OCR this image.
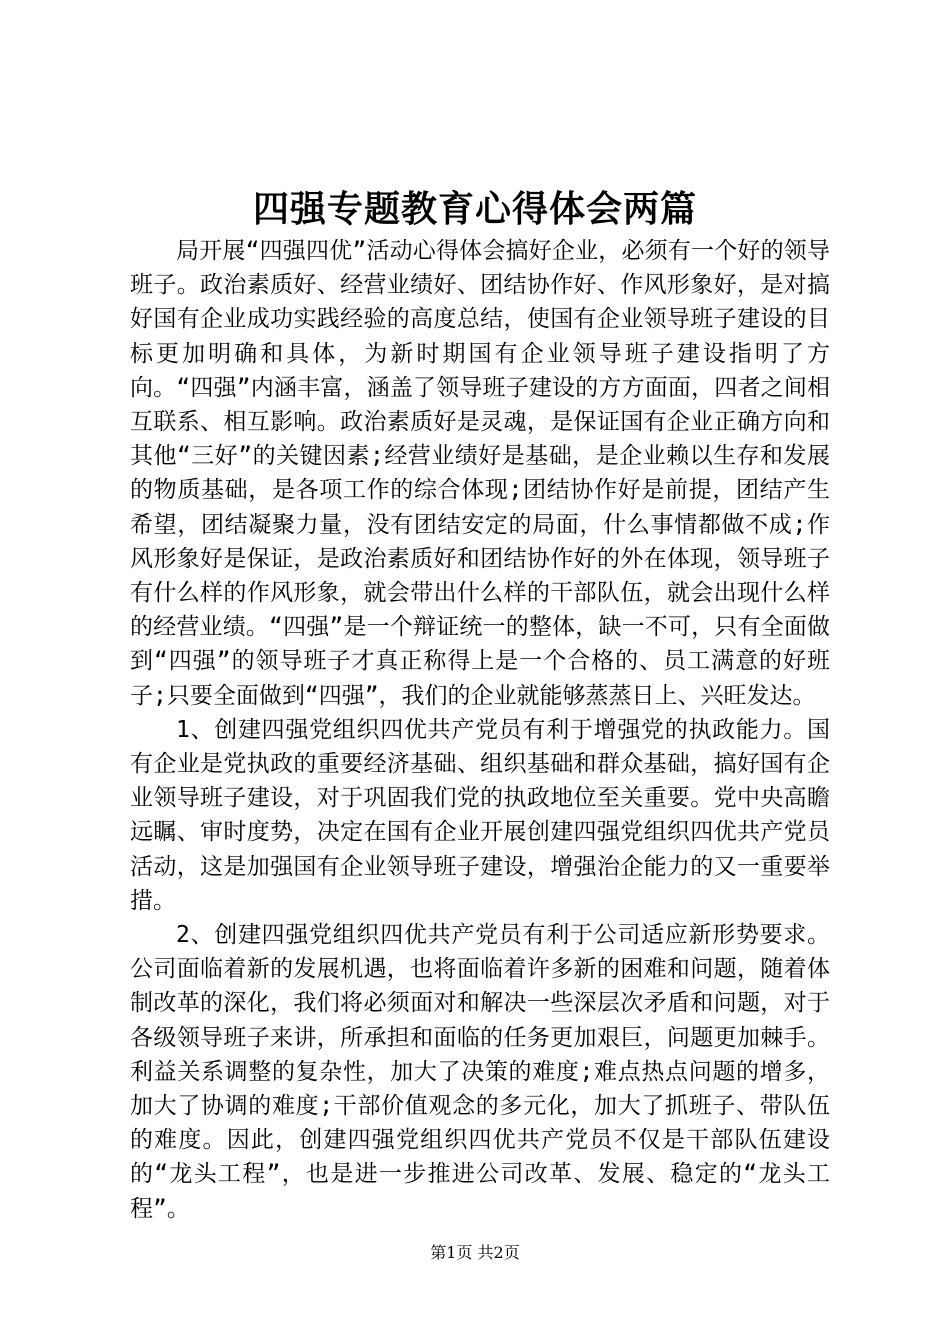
四强专题教育心得体会两篇

局开展“四强四优”活动心得体会搞好企业，必须有一个好的领导班子。政治素质好、经营业绩好、团结协作好、作风形象好，是对搞好国有企业成功实践经验的高度总结，使国有企业领导班子建设的目标更加明确和具体，为新时期国有企业领导班子建设指明了方向。“四强”内涵丰富，涵盖了领导班子建设的方方面面，四者之间相互联系、相互影响。政治素质好是灵魂，是保证国有企业正确方向和其他“三好”的关键因素;经营业绩好是基础，是企业赖以生存和发展的物质基础，是各项工作的综合体现;团结协作好是前提，团结产生希望，团结凝聚力量，没有团结安定的局面，什么事情都做不成;作风形象好是保证，是政治素质好和团结协作好的外在体现，领导班子有什么样的作风形象，就会带出什么样的干部队伍，就会出现什么样的经营业绩。“四强”是一个辩证统一的整体，缺一不可，只有全面做到“四强”的领导班子才真正称得上是一个合格的、员工满意的好班子;只要全面做到“四强”，我们的企业就能够蒸蒸日上、兴旺发达。

1、创建四强党组织四优共产党员有利于增强党的执政能力。国有企业是党执政的重要经济基础、组织基础和群众基础，搞好国有企业领导班子建设，对于巩固我们党的执政地位至关重要。党中央高瞻远瞩、审时度势，决定在国有企业开展创建四强党组织四优共产党员活动，这是加强国有企业领导班子建设，增强治企能力的又一重要举措。

2、创建四强党组织四优共产党员有利于公司适应新形势要求。公司面临着新的发展机遇，也将面临着许多新的困难和问题，随着体制改革的深化，我们将必须面对和解决一些深层次矛盾和问题，对于各级领导班子来讲，所承担和面临的任务更加艰巨，问题更加棘手。利益关系调整的复杂性，加大了决策的难度;难点热点问题的增多，加大了协调的难度;干部价值观念的多元化，加大了抓班子、带队伍的难度。因此，创建四强党组织四优共产党员不仅是干部队伍建设的“龙头工程”，也是进一步推进公司改革、发展、稳定的“龙头工程”。

第1页 共2页
